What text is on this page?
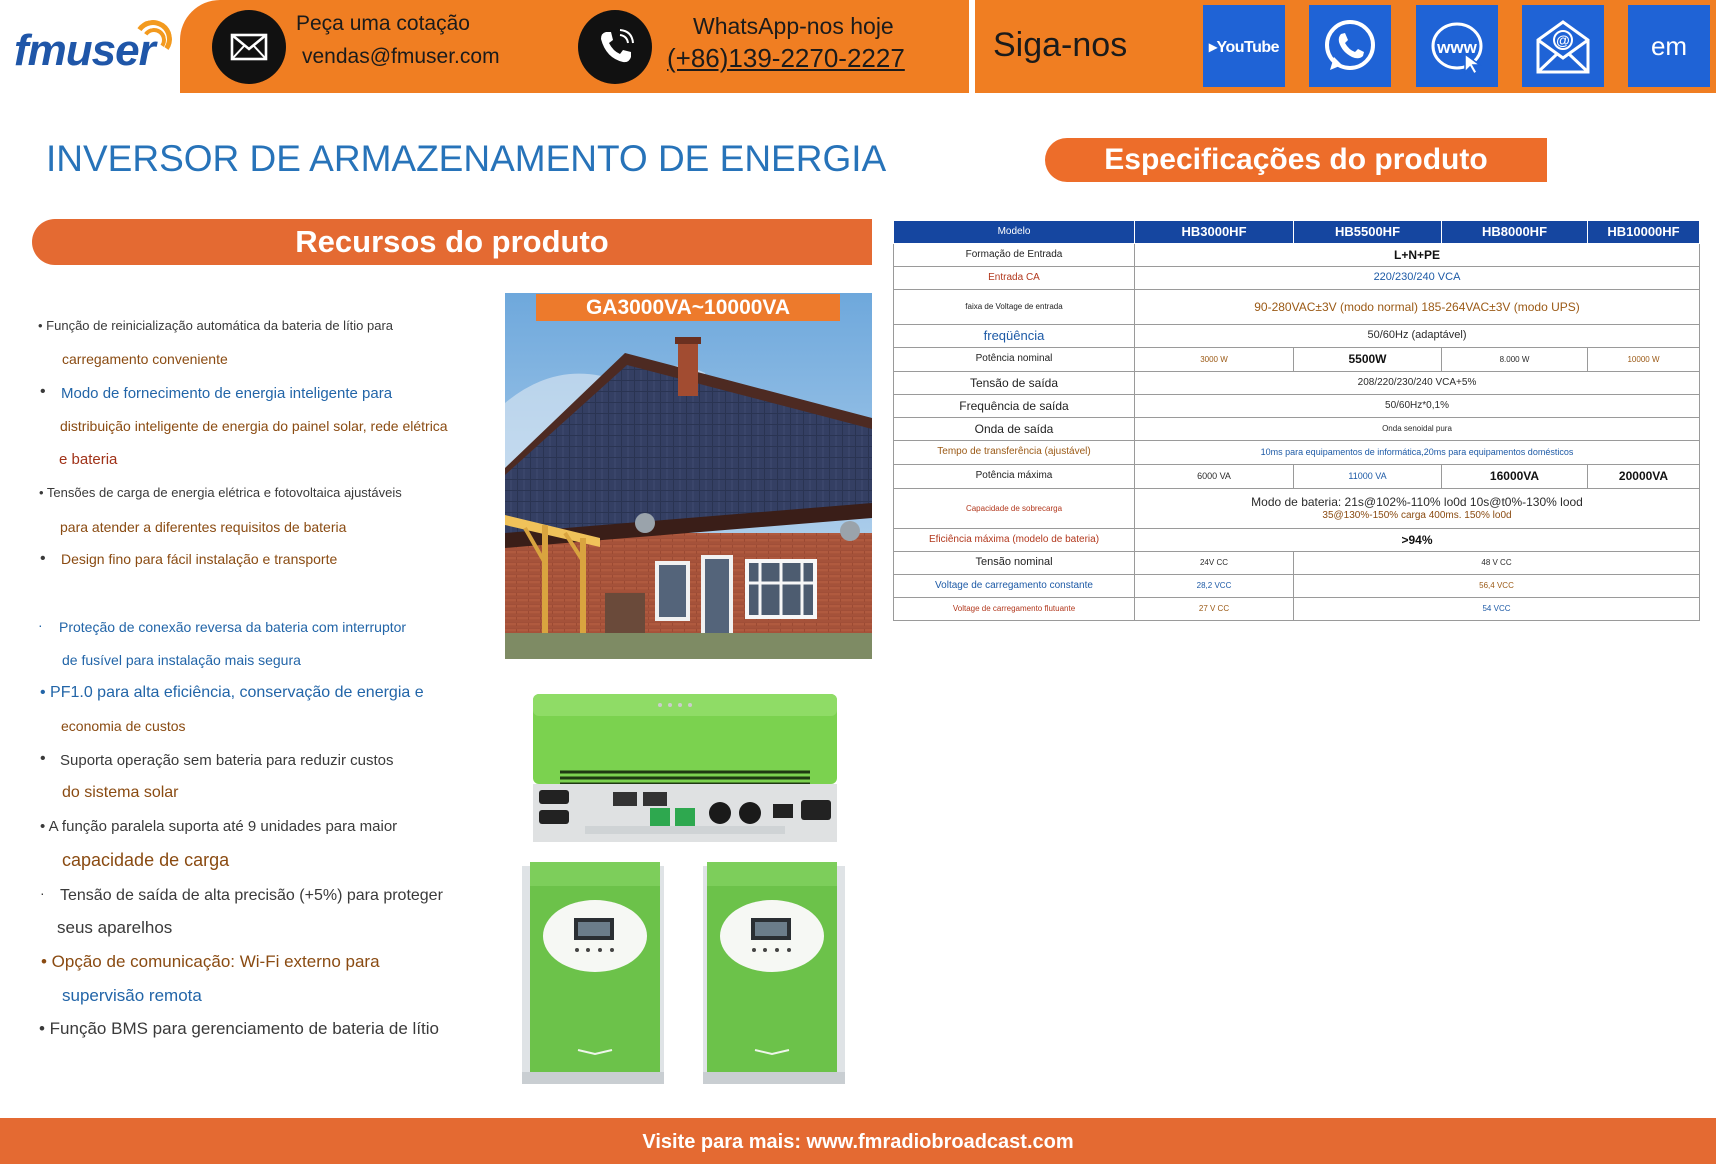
fmuser
Peça uma cotação
vendas@fmuser.com
WhatsApp-nos hoje
(+86)139-2270-2227	Siga-nos	▸YouTube	www	@	em
INVERSOR DE ARMAZENAMENTO DE ENERGIA	Especificações do produto
Recursos do produto
• Função de reinicialização automática da bateria de lítio para
carregamento conveniente
• Modo de fornecimento de energia inteligente para
distribuição inteligente de energia do painel solar, rede elétrica
e bateria
• Tensões de carga de energia elétrica e fotovoltaica ajustáveis
para atender a diferentes requisitos de bateria
• Design fino para fácil instalação e transporte
· Proteção de conexão reversa da bateria com interruptor
de fusível para instalação mais segura
• PF1.0 para alta eficiência, conservação de energia e
economia de custos
• Suporta operação sem bateria para reduzir custos
do sistema solar
• A função paralela suporta até 9 unidades para maior
capacidade de carga
· Tensão de saída de alta precisão (+5%) para proteger
seus aparelhos
• Opção de comunicação: Wi-Fi externo para
supervisão remota
• Função BMS para gerenciamento de bateria de lítio
GA3000VA~10000VA
Modelo	HB3000HF	HB5500HF	HB8000HF	HB10000HF
Formação de Entrada	L+N+PE			
Entrada CA	220/230/240 VCA			
faixa de Voltage de entrada	90-280VAC±3V (modo normal) 185-264VAC±3V (modo UPS)			
freqüência	50/60Hz (adaptável)			
Potência nominal	3000 W	5500W	8.000 W	10000 W
Tensão de saída	208/220/230/240 VCA+5%			
Frequência de saída	50/60Hz*0,1%			
Onda de saída	Onda senoidal pura			
Tempo de transferência (ajustável)	10ms para equipamentos de informática,20ms para equipamentos domésticos			
Potência máxima	6000 VA	11000 VA	16000VA	20000VA
Capacidade de sobrecarga	Modo de bateria: 21s@102%-110% lo0d 10s@t0%-130% lood
35@130%-150% carga 400ms. 150% lo0d			

Eficiência máxima (modelo de bateria)	>94%			
Tensão nominal	24V CC	48 V CC		
Voltage de carregamento constante	28,2 VCC	56,4 VCC		
Voltage de carregamento flutuante	27 V CC	54 VCC		
Visite para mais: www.fmradiobroadcast.com
